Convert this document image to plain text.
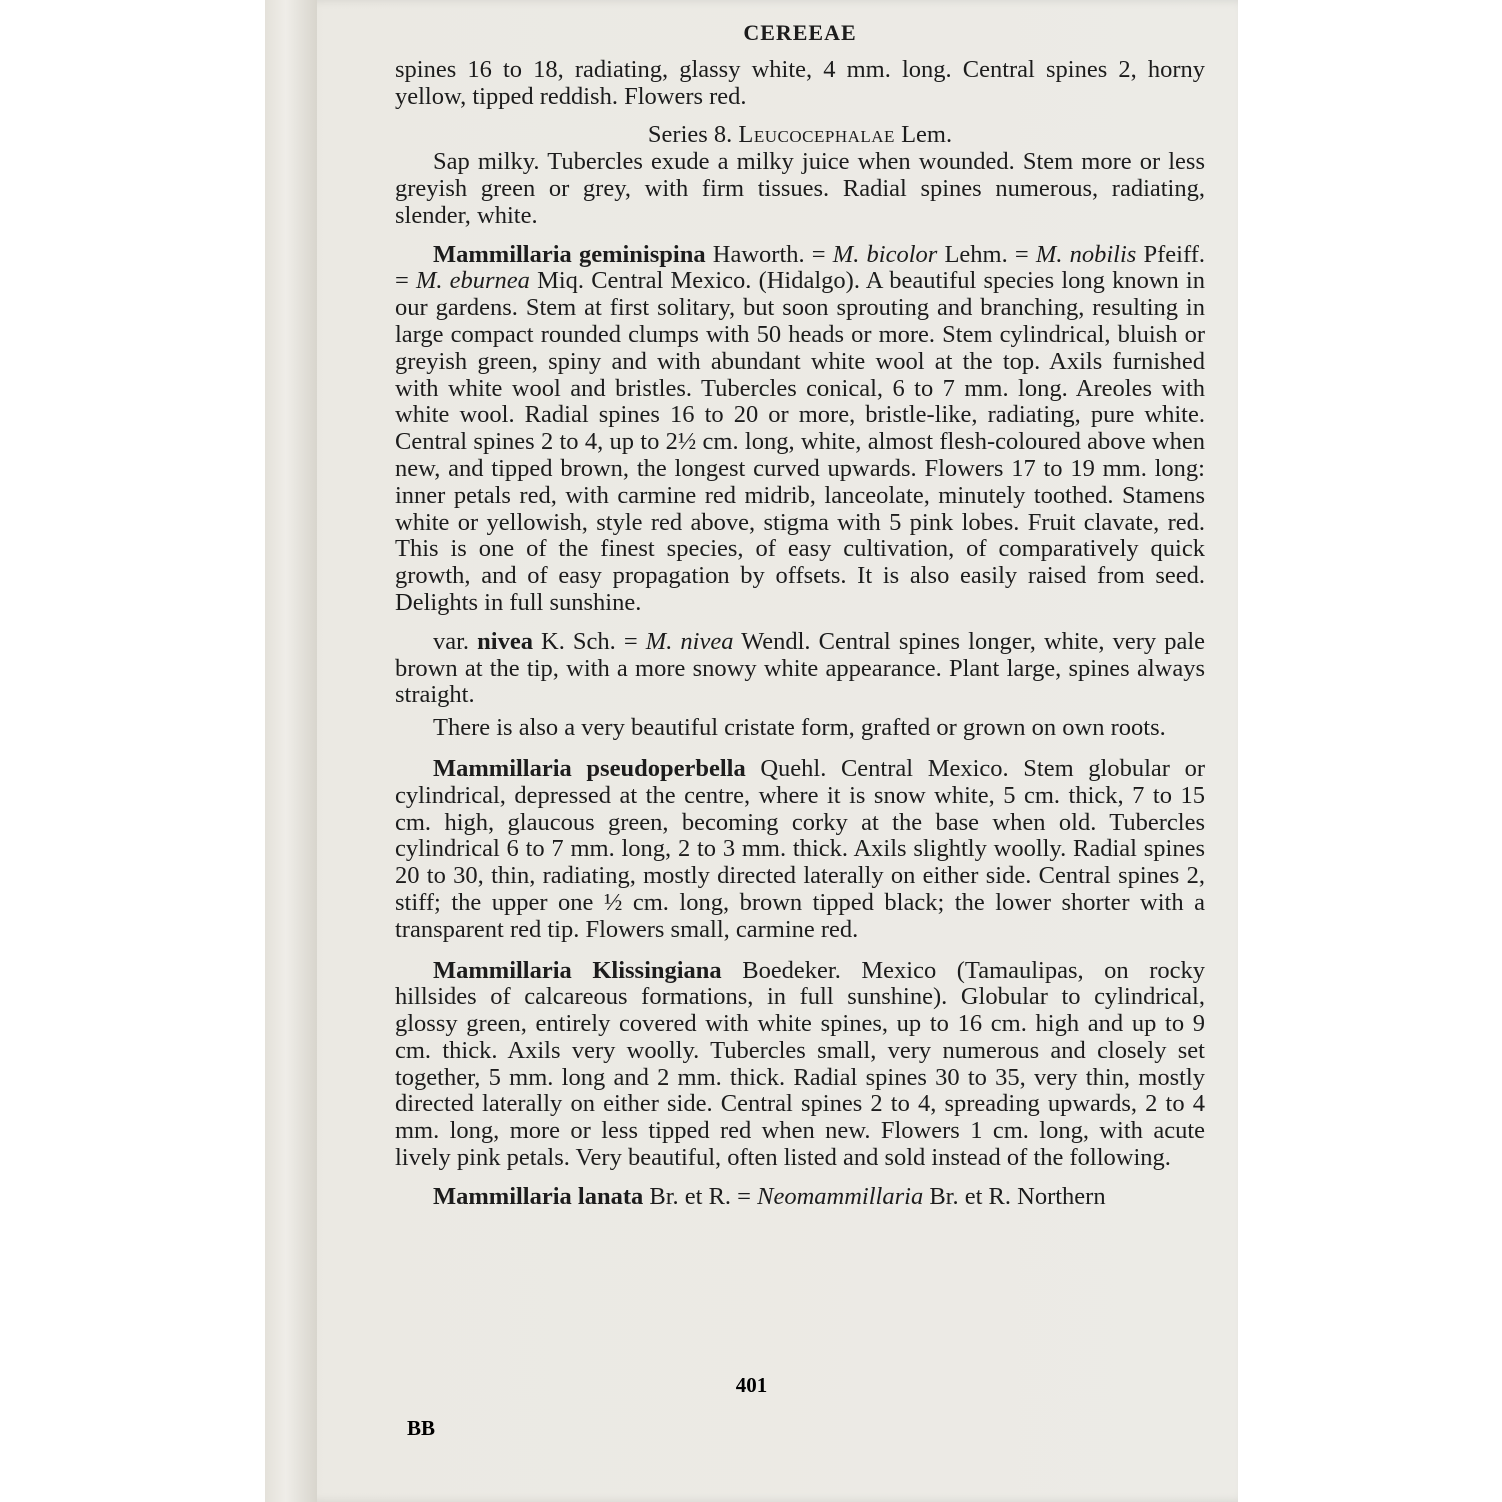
CEREEAE

spines 16 to 18, radiating, glassy white, 4 mm. long. Central spines 2, horny yellow, tipped reddish. Flowers red.

Series 8. Leucocephalae Lem.

Sap milky. Tubercles exude a milky juice when wounded. Stem more or less greyish green or grey, with firm tissues. Radial spines numerous, radiating, slender, white.

Mammillaria geminispina Haworth. = M. bicolor Lehm. = M. nobilis Pfeiff. = M. eburnea Miq. Central Mexico. (Hidalgo). A beautiful species long known in our gardens. Stem at first solitary, but soon sprouting and branching, resulting in large compact rounded clumps with 50 heads or more. Stem cylindrical, bluish or greyish green, spiny and with abundant white wool at the top. Axils furnished with white wool and bristles. Tubercles conical, 6 to 7 mm. long. Areoles with white wool. Radial spines 16 to 20 or more, bristle-like, radiating, pure white. Central spines 2 to 4, up to 2½ cm. long, white, almost flesh-coloured above when new, and tipped brown, the longest curved upwards. Flowers 17 to 19 mm. long: inner petals red, with carmine red midrib, lanceolate, minutely toothed. Stamens white or yellowish, style red above, stigma with 5 pink lobes. Fruit clavate, red. This is one of the finest species, of easy cultivation, of comparatively quick growth, and of easy propagation by offsets. It is also easily raised from seed. Delights in full sunshine.

var. nivea K. Sch. = M. nivea Wendl. Central spines longer, white, very pale brown at the tip, with a more snowy white appearance. Plant large, spines always straight.

There is also a very beautiful cristate form, grafted or grown on own roots.

Mammillaria pseudoperbella Quehl. Central Mexico. Stem globular or cylindrical, depressed at the centre, where it is snow white, 5 cm. thick, 7 to 15 cm. high, glaucous green, becoming corky at the base when old. Tubercles cylindrical 6 to 7 mm. long, 2 to 3 mm. thick. Axils slightly woolly. Radial spines 20 to 30, thin, radiating, mostly directed laterally on either side. Central spines 2, stiff; the upper one ½ cm. long, brown tipped black; the lower shorter with a transparent red tip. Flowers small, carmine red.

Mammillaria Klissingiana Boedeker. Mexico (Tamaulipas, on rocky hillsides of calcareous formations, in full sunshine). Globular to cylindrical, glossy green, entirely covered with white spines, up to 16 cm. high and up to 9 cm. thick. Axils very woolly. Tubercles small, very numerous and closely set together, 5 mm. long and 2 mm. thick. Radial spines 30 to 35, very thin, mostly directed laterally on either side. Central spines 2 to 4, spreading upwards, 2 to 4 mm. long, more or less tipped red when new. Flowers 1 cm. long, with acute lively pink petals. Very beautiful, often listed and sold instead of the following.

Mammillaria lanata Br. et R. = Neomammillaria Br. et R. Northern

401
BB
